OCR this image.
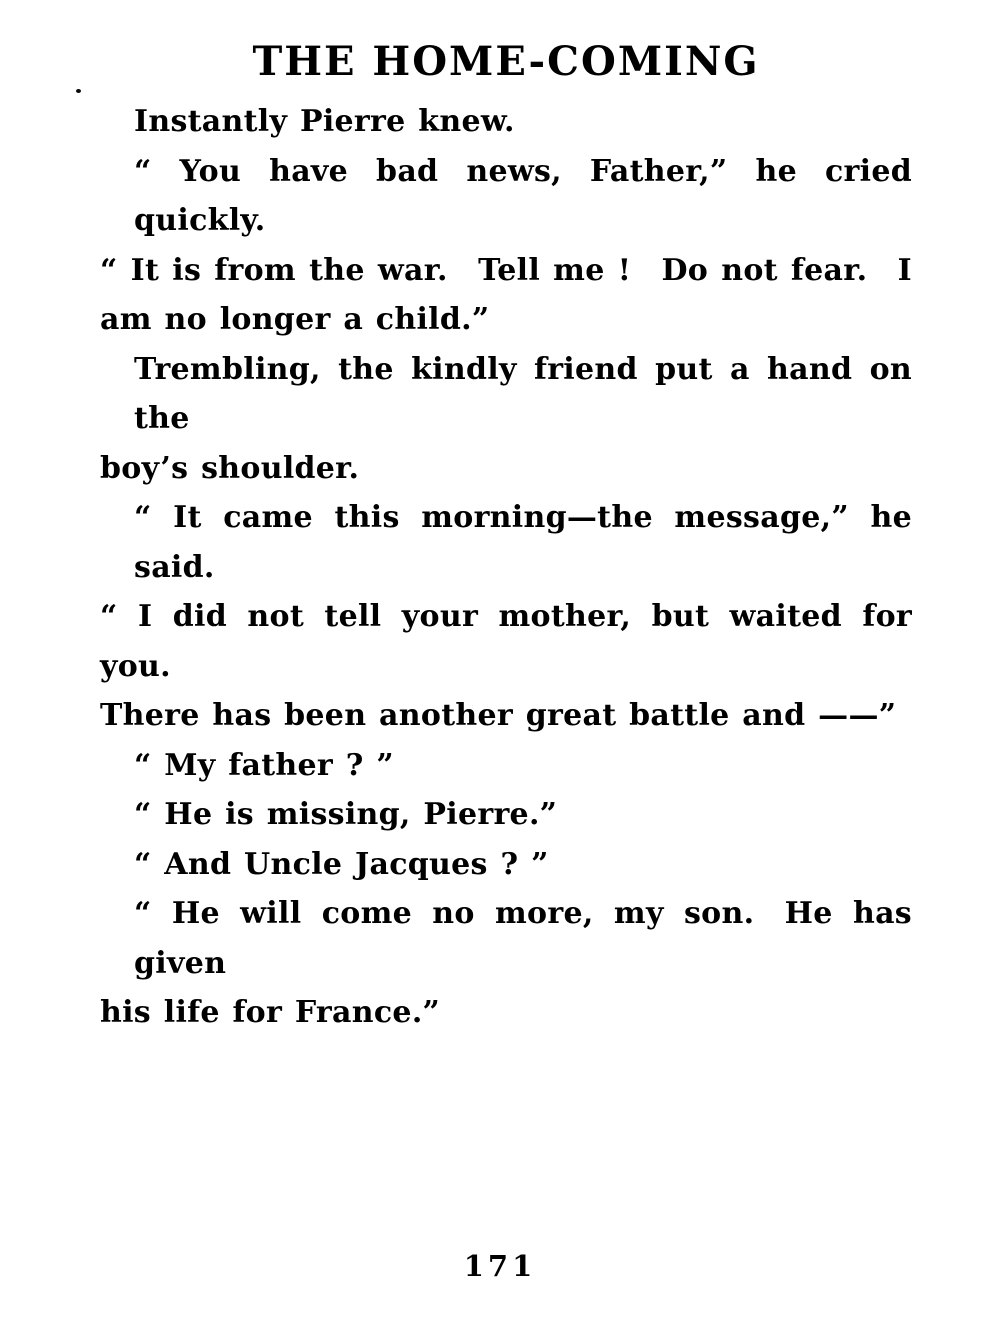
THE HOME-COMING
Instantly Pierre knew.
“ You have bad news, Father,” he cried quickly.
“ It is from the war. Tell me ! Do not fear. I
am no longer a child.”
Trembling, the kindly friend put a hand on the
boy’s shoulder.
“ It came this morning—the message,” he said.
“ I did not tell your mother, but waited for you.
There has been another great battle and ——”
“ My father ? ”
“ He is missing, Pierre.”
“ And Uncle Jacques ? ”
“ He will come no more, my son. He has given
his life for France.”
171
